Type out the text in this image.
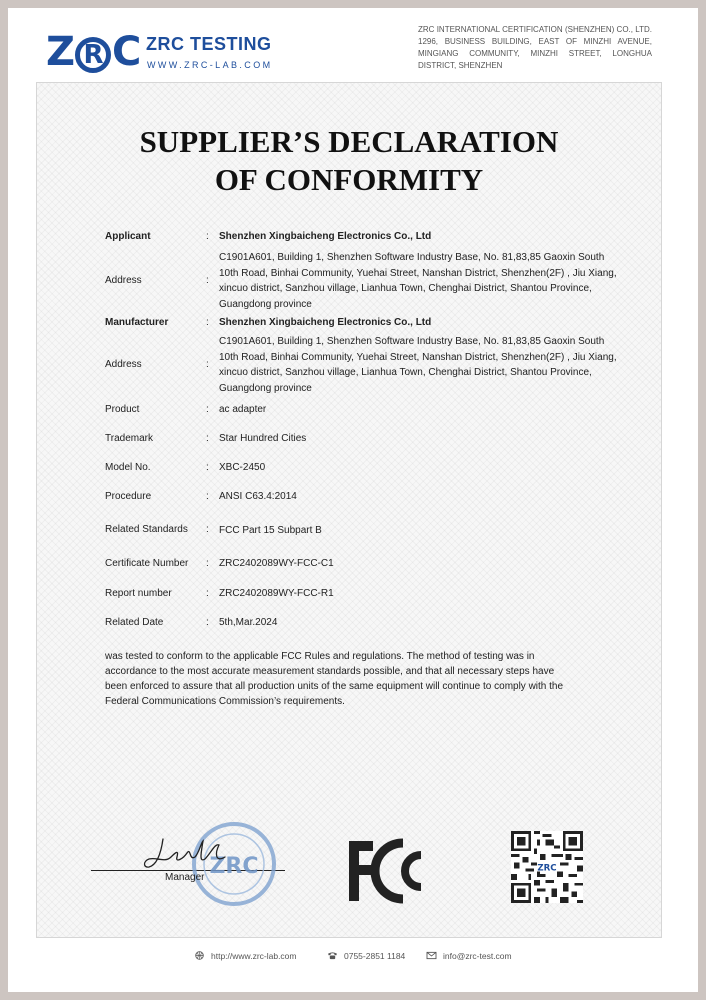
Z R C ZRC TESTING
WWW.ZRC-LAB.COM
ZRC INTERNATIONAL CERTIFICATION (SHENZHEN) CO., LTD. 1296, BUSINESS BUILDING, EAST OF MINZHI AVENUE, MINGIANG COMMUNITY, MINZHI STREET, LONGHUA DISTRICT, SHENZHEN
SUPPLIER’S DECLARATION
OF CONFORMITY
Applicant	: Shenzhen Xingbaicheng Electronics Co., Ltd
Address	:
C1901A601, Building 1, Shenzhen Software Industry Base, No. 81,83,85 Gaoxin South 10th Road, Binhai Community, Yuehai Street, Nanshan District, Shenzhen(2F) , Jiu Xiang, xincuo district, Sanzhou village, Lianhua Town, Chenghai District, Shantou Province, Guangdong province
Manufacturer	: Shenzhen Xingbaicheng Electronics Co., Ltd
Address	:
C1901A601, Building 1, Shenzhen Software Industry Base, No. 81,83,85 Gaoxin South 10th Road, Binhai Community, Yuehai Street, Nanshan District, Shenzhen(2F) , Jiu Xiang, xincuo district, Sanzhou village, Lianhua Town, Chenghai District, Shantou Province, Guangdong province
Product	: ac adapter
Trademark	: Star Hundred Cities
Model No.	: XBC-2450
Procedure	: ANSI C63.4:2014
Related Standards : FCC Part 15 Subpart B
Certificate Number : ZRC2402089WY-FCC-C1
Report number	: ZRC2402089WY-FCC-R1
Related Date	: 5th,Mar.2024
was tested to conform to the applicable FCC Rules and regulations. The method of testing was in accordance to the most accurate measurement standards possible, and that all necessary steps have been enforced to assure that all production units of the same equipment will continue to comply with the Federal Communications Commission’s requirements.
ZRC
Manager
ZRC
http://www.zrc-lab.com	0755-2851 1184	info@zrc-test.com
